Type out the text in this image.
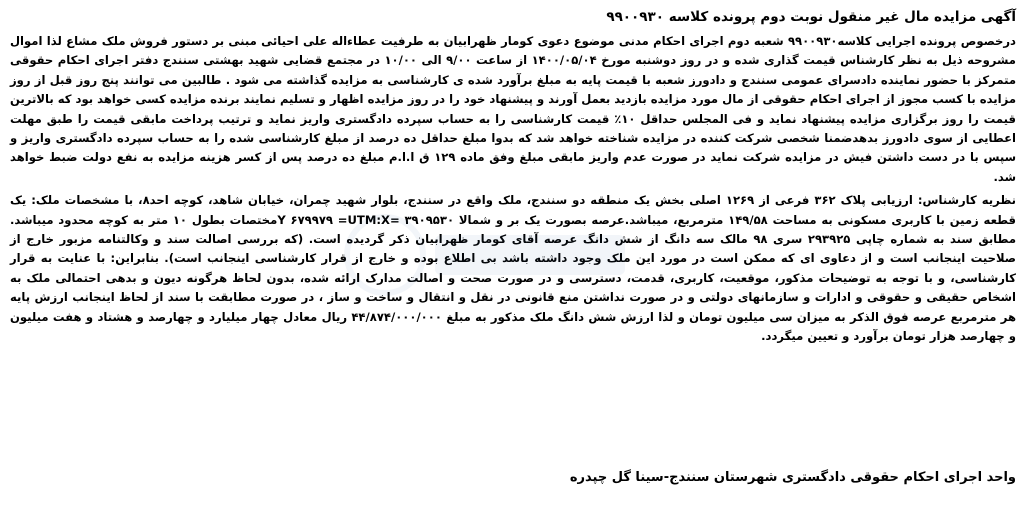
آگهی مزایده مال غیر منقول نوبت دوم پرونده کلاسه ۹۹۰۰۹۳۰

درخصوص پرونده اجرایی کلاسه۹۹۰۰۹۳۰ شعبه دوم اجرای احکام مدنی موضوع دعوی کومار ظهرابیان به طرفیت عطاءاله علی احیائی مبنی بر دستور فروش ملک مشاع لذا اموال مشروحه ذیل به نظر کارشناس قیمت گذاری شده و در روز دوشنبه مورخ ۱۴۰۰/۰۵/۰۴ از ساعت ۹/۰۰ الی ۱۰/۰۰ در مجتمع قضایی شهید بهشتی سنندج دفتر اجرای احکام حقوقی متمرکز با حضور نماینده دادسرای عمومی سنندج و دادورز شعبه با قیمت پایه به مبلغ برآورد شده ی کارشناسی به مزایده گذاشته می شود . طالبین می توانند پنج روز قبل از روز مزایده با کسب مجوز از اجرای احکام حقوقی از مال مورد مزایده بازدید بعمل آورند و پیشنهاد خود را در روز مزایده اظهار و تسلیم نمایند برنده مزایده کسی خواهد بود که بالاترین قیمت را روز برگزاری مزایده پیشنهاد نماید و فی المجلس حداقل ۱۰٪ قیمت کارشناسی را به حساب سپرده دادگستری واریز نماید و ترتیب پرداخت مابقی قیمت را طبق مهلت اعطایی از سوی دادورز بدهدضمنا شخصی شرکت کننده در مزایده شناخته خواهد شد که بدوا مبلغ حداقل ده درصد از مبلغ کارشناسی شده را به حساب سپرده دادگستری واریز و سپس با در دست داشتن فیش در مزایده شرکت نماید در صورت عدم واریز مابقی مبلغ وفق ماده ۱۲۹ ق ا.ا.م مبلغ ده درصد پس از کسر هزینه مزایده به نفع دولت ضبط خواهد شد.

نظریه کارشناس: ارزیابی پلاک ۳۶۲ فرعی از ۱۲۶۹ اصلی بخش یک منطقه دو سنندج، ملک واقع در سنندج، بلوار شهید چمران، خیابان شاهد، کوچه احد۸، با مشخصات ملک: یک قطعه زمین با کاربری مسکونی به مساحت ۱۴۹/۵۸ مترمربع، میباشد.عرصه بصورت یک بر و شمالا ۳۹۰۹۵۳۰ =Y ۶۷۹۹۷۹ =UTM:Xمختصات بطول ۱۰ متر به کوچه محدود میباشد. مطابق سند به شماره چاپی ۲۹۳۹۲۵ سری ۹۸ مالک سه دانگ از شش دانگ عرصه آقای کومار ظهرابیان ذکر گردیده است. (که بررسی اصالت سند و وکالتنامه مزبور خارج از صلاحیت اینجانب است و از دعاوی ای که ممکن است در مورد این ملک وجود داشته باشد بی اطلاع بوده و خارج از قرار کارشناسی اینجانب است). بنابراین: با عنایت به قرار کارشناسی، و با توجه به توضیحات مذکور، موقعیت، کاربری، قدمت، دسترسی و در صورت صحت و اصالت مدارک ارائه شده، بدون لحاظ هرگونه دیون و بدهی احتمالی ملک به اشخاص حقیقی و حقوقی و ادارات و سازمانهای دولتی و در صورت نداشتن منع قانونی در نقل و انتقال و ساخت و ساز ، در صورت مطابقت با سند از لحاظ اینجانب ارزش پایه هر مترمربع عرصه فوق الذکر به میزان سی میلیون تومان و لذا ارزش شش دانگ ملک مذکور به مبلغ ۴۴/۸۷۴/۰۰۰/۰۰۰ ریال معادل چهار میلیارد و چهارصد و هشتاد و هفت میلیون و چهارصد هزار تومان برآورد و تعیین میگردد.

واحد اجرای احکام حقوقی دادگستری شهرستان سنندج-سینا گل چپدره
